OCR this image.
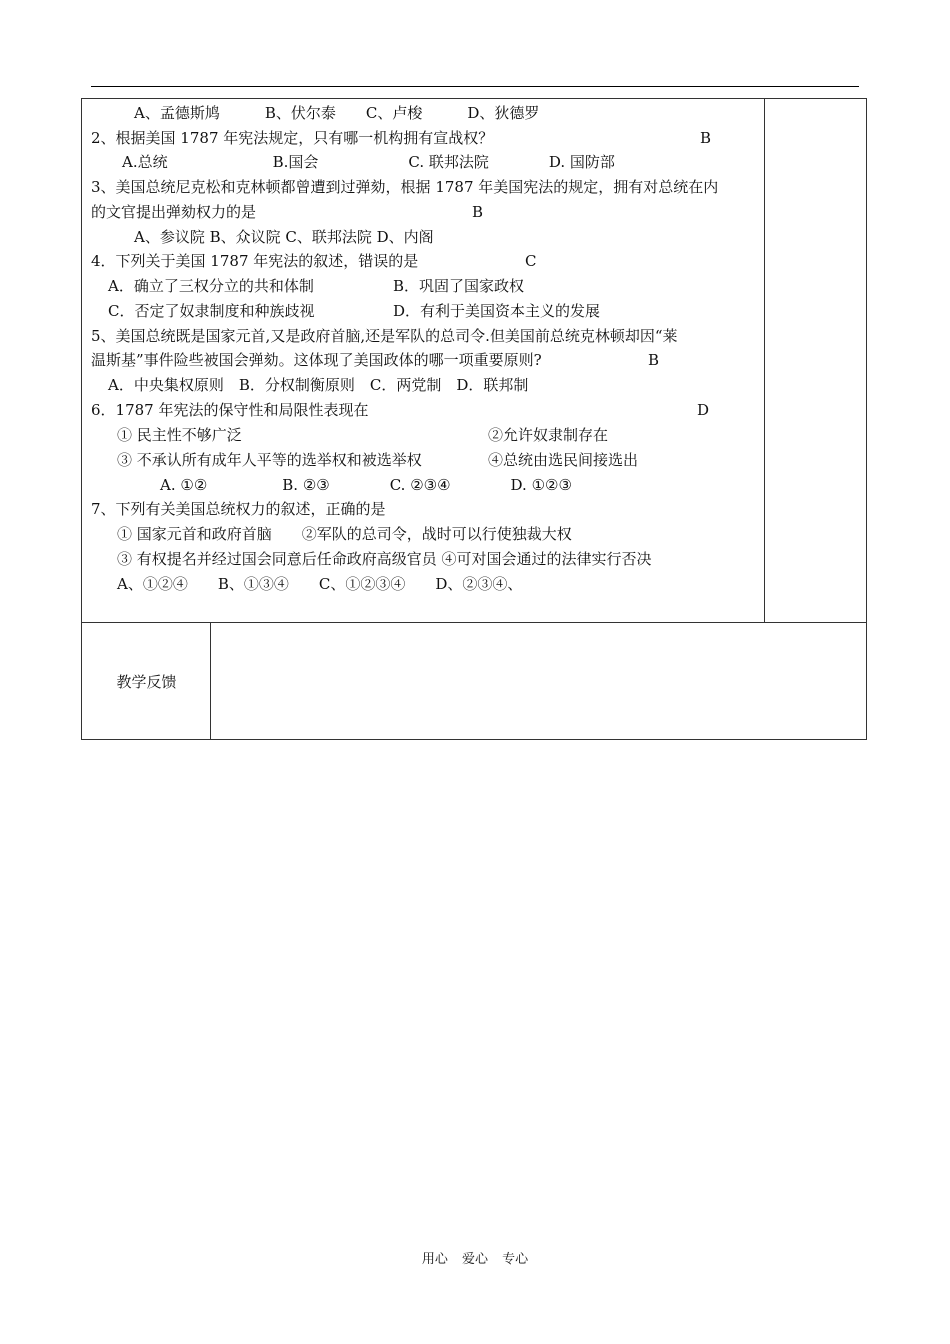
A、孟德斯鸠　　　B、伏尔泰　　C、卢梭　　　D、狄德罗
2、根据美国 1787 年宪法规定，只有哪一机构拥有宣战权？	B
A.总统　　　　　　　B.国会　　　　　　C. 联邦法院　　　　D. 国防部
3、美国总统尼克松和克林顿都曾遭到过弹劾，根据 1787 年美国宪法的规定，拥有对总统在内
的文官提出弹劾权力的是	B
A、参议院 B、众议院 C、联邦法院 D、内阁
4．下列关于美国 1787 年宪法的叙述，错误的是	C
A．确立了三权分立的共和体制	B．巩固了国家政权
C．否定了奴隶制度和种族歧视	D．有利于美国资本主义的发展
5、美国总统既是国家元首,又是政府首脑,还是军队的总司令.但美国前总统克林顿却因“莱
温斯基”事件险些被国会弹劾。这体现了美国政体的哪一项重要原则?	B
A．中央集权原则　B．分权制衡原则　C．两党制　D．联邦制
6．1787 年宪法的保守性和局限性表现在	D
① 民主性不够广泛	②允许奴隶制存在
③ 不承认所有成年人平等的选举权和被选举权	④总统由选民间接选出
A. ①②　　　　　B. ②③　　　　C. ②③④　　　　D. ①②③
7、下列有关美国总统权力的叙述，正确的是
① 国家元首和政府首脑　　②军队的总司令，战时可以行使独裁大权
③ 有权提名并经过国会同意后任命政府高级官员 ④可对国会通过的法律实行否决
A、①②④　　B、①③④　　C、①②③④　　D、②③④、
教学反馈
用心 爱心 专心
